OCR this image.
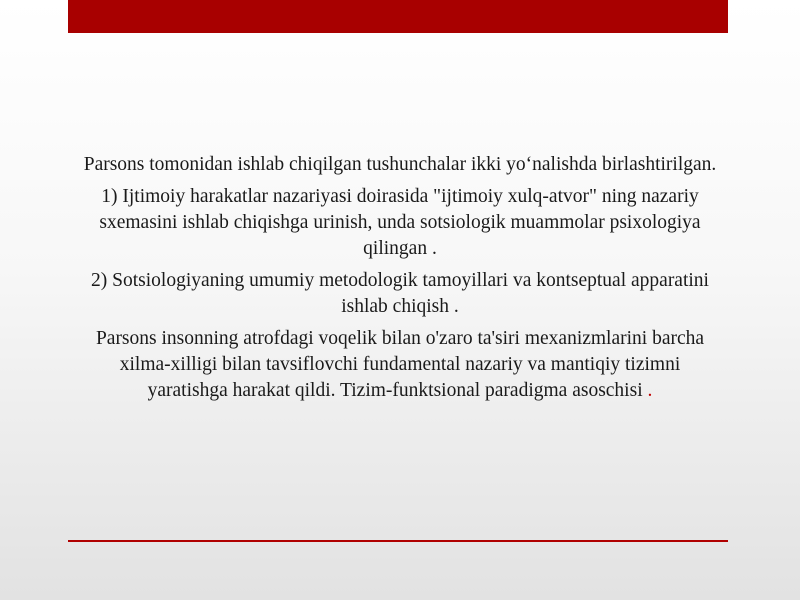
Parsons tomonidan ishlab chiqilgan tushunchalar ikki yo‘nalishda birlashtirilgan.

1) Ijtimoiy harakatlar nazariyasi doirasida "ijtimoiy xulq-atvor" ning nazariy sxemasini ishlab chiqishga urinish, unda sotsiologik muammolar psixologiya qilingan .

2) Sotsiologiyaning umumiy metodologik tamoyillari va kontseptual apparatini ishlab chiqish .

Parsons insonning atrofdagi voqelik bilan o'zaro ta'siri mexanizmlarini barcha xilma-xilligi bilan tavsiflovchi fundamental nazariy va mantiqiy tizimni yaratishga harakat qildi. Tizim-funktsional paradigma asoschisi .
